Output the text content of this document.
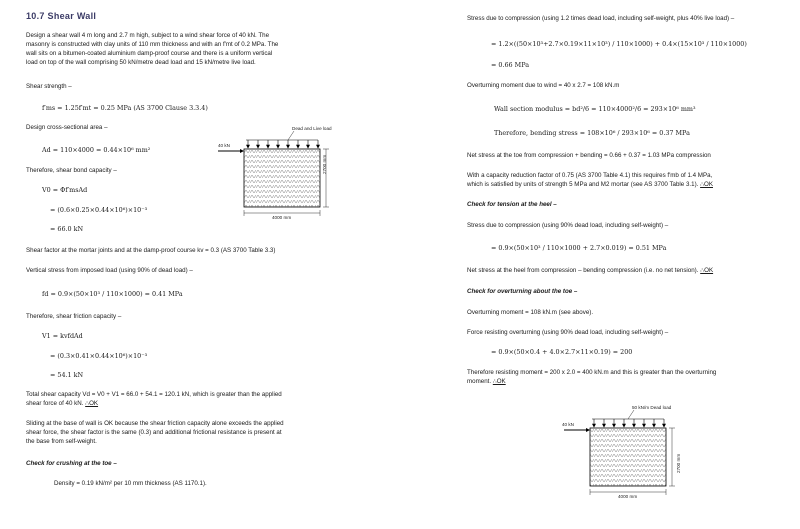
10.7 Shear Wall
Design a shear wall 4 m long and 2.7 m high, subject to a wind shear force of 40 kN. The
masonry is constructed with clay units of 110 mm thickness and with an f′mt of 0.2 MPa. The
wall sits on a bitumen-coated aluminium damp-proof course and there is a uniform vertical
load on top of the wall comprising 50 kN/metre dead load and 15 kN/metre live load.
Shear strength –
f′ms = 1.25f′mt = 0.25 MPa (AS 3700 Clause 3.3.4)
Design cross-sectional area –
Ad = 110×4000 = 0.44×10⁶ mm²
Therefore, shear bond capacity –
V0 = Φf′msAd
= (0.6×0.25×0.44×10⁶)×10⁻³
= 66.0 kN
Shear factor at the mortar joints and at the damp-proof course kv = 0.3 (AS 3700 Table 3.3)
Vertical stress from imposed load (using 90% of dead load) –
fd = 0.9×(50×10³ / 110×1000) = 0.41 MPa
Therefore, shear friction capacity –
V1 = kvfdAd
= (0.3×0.41×0.44×10⁶)×10⁻³
= 54.1 kN
Total shear capacity Vd = V0 + V1 = 66.0 + 54.1 = 120.1 kN, which is greater than the applied
shear force of 40 kN. ∴OK
Sliding at the base of wall is OK because the shear friction capacity alone exceeds the applied
shear force, the shear factor is the same (0.3) and additional frictional resistance is present at
the base from self-weight.
Check for crushing at the toe –
Density = 0.19 kN/m² per 10 mm thickness (AS 1170.1).
Dead and Live load
40 kN
2700 mm
4000 mm
Stress due to compression (using 1.2 times dead load, including self-weight, plus 40% live load) –
= 1.2×((50×10³+2.7×0.19×11×10³) / 110×1000) + 0.4×(15×10³ / 110×1000)
= 0.66 MPa
Overturning moment due to wind = 40 x 2.7 = 108 kN.m
Wall section modulus = bd²/6 = 110×4000²/6 = 293×10⁶ mm³
Therefore, bending stress = 108×10⁶ / 293×10⁶ = 0.37 MPa
Net stress at the toe from compression + bending = 0.66 + 0.37 = 1.03 MPa compression
With a capacity reduction factor of 0.75 (AS 3700 Table 4.1) this requires f′mb of 1.4 MPa,
which is satisfied by units of strength 5 MPa and M2 mortar (see AS 3700 Table 3.1). ∴OK
Check for tension at the heel –
Stress due to compression (using 90% dead load, including self-weight) –
= 0.9×(50×10³ / 110×1000 + 2.7×0.019) = 0.51 MPa
Net stress at the heel from compression – bending compression (i.e. no net tension). ∴OK
Check for overturning about the toe –
Overturning moment = 108 kN.m (see above).
Force resisting overturning (using 90% dead load, including self-weight) –
= 0.9×(50×0.4 + 4.0×2.7×11×0.19) = 200
Therefore resisting moment = 200 x 2.0 = 400 kN.m and this is greater than the overturning
moment. ∴OK
50 kN/m Dead load
40 kN
2700 mm
4000 mm
